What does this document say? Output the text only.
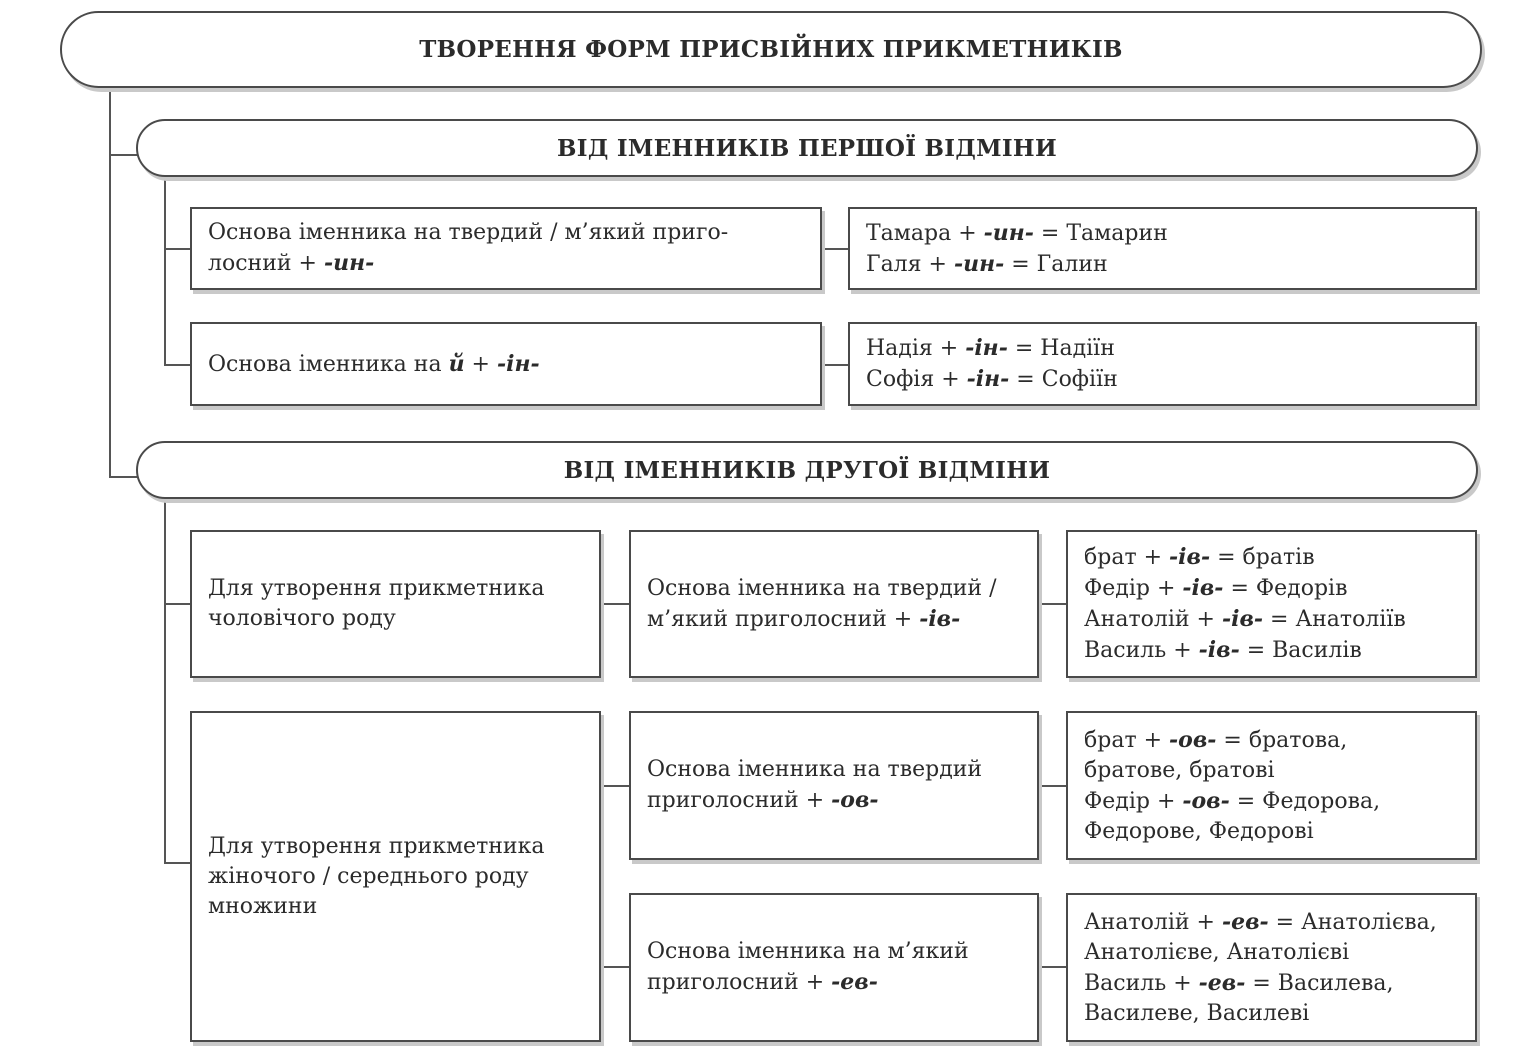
ТВОРЕННЯ ФОРМ ПРИСВІЙНИХ ПРИКМЕТНИКІВ
ВІД ІМЕННИКІВ ПЕРШОЇ ВІДМІНИ
Основа іменника на твердий / м’який приго-
лосний + -ин-
Тамара + -ин- = Тамарин
Галя + -ин- = Галин
Основа іменника на й + -ін-
Надія + -ін- = Надіїн
Софія + -ін- = Софіїн
ВІД ІМЕННИКІВ ДРУГОЇ ВІДМІНИ
Для утворення прикметника
чоловічого роду
Основа іменника на твердий /
м’який приголосний + -ів-
брат + -ів- = братів
Федір + -ів- = Федорів
Анатолій + -ів- = Анатоліїв
Василь + -ів- = Василів
Для утворення прикметника
жіночого / середнього роду
множини
Основа іменника на твердий
приголосний + -ов-
брат + -ов- = братова,
братове, братові
Федір + -ов- = Федорова,
Федорове, Федорові
Основа іменника на м’який
приголосний + -ев-
Анатолій + -ев- = Анатолієва,
Анатолієве, Анатолієві
Василь + -ев- = Василева,
Василеве, Василеві
